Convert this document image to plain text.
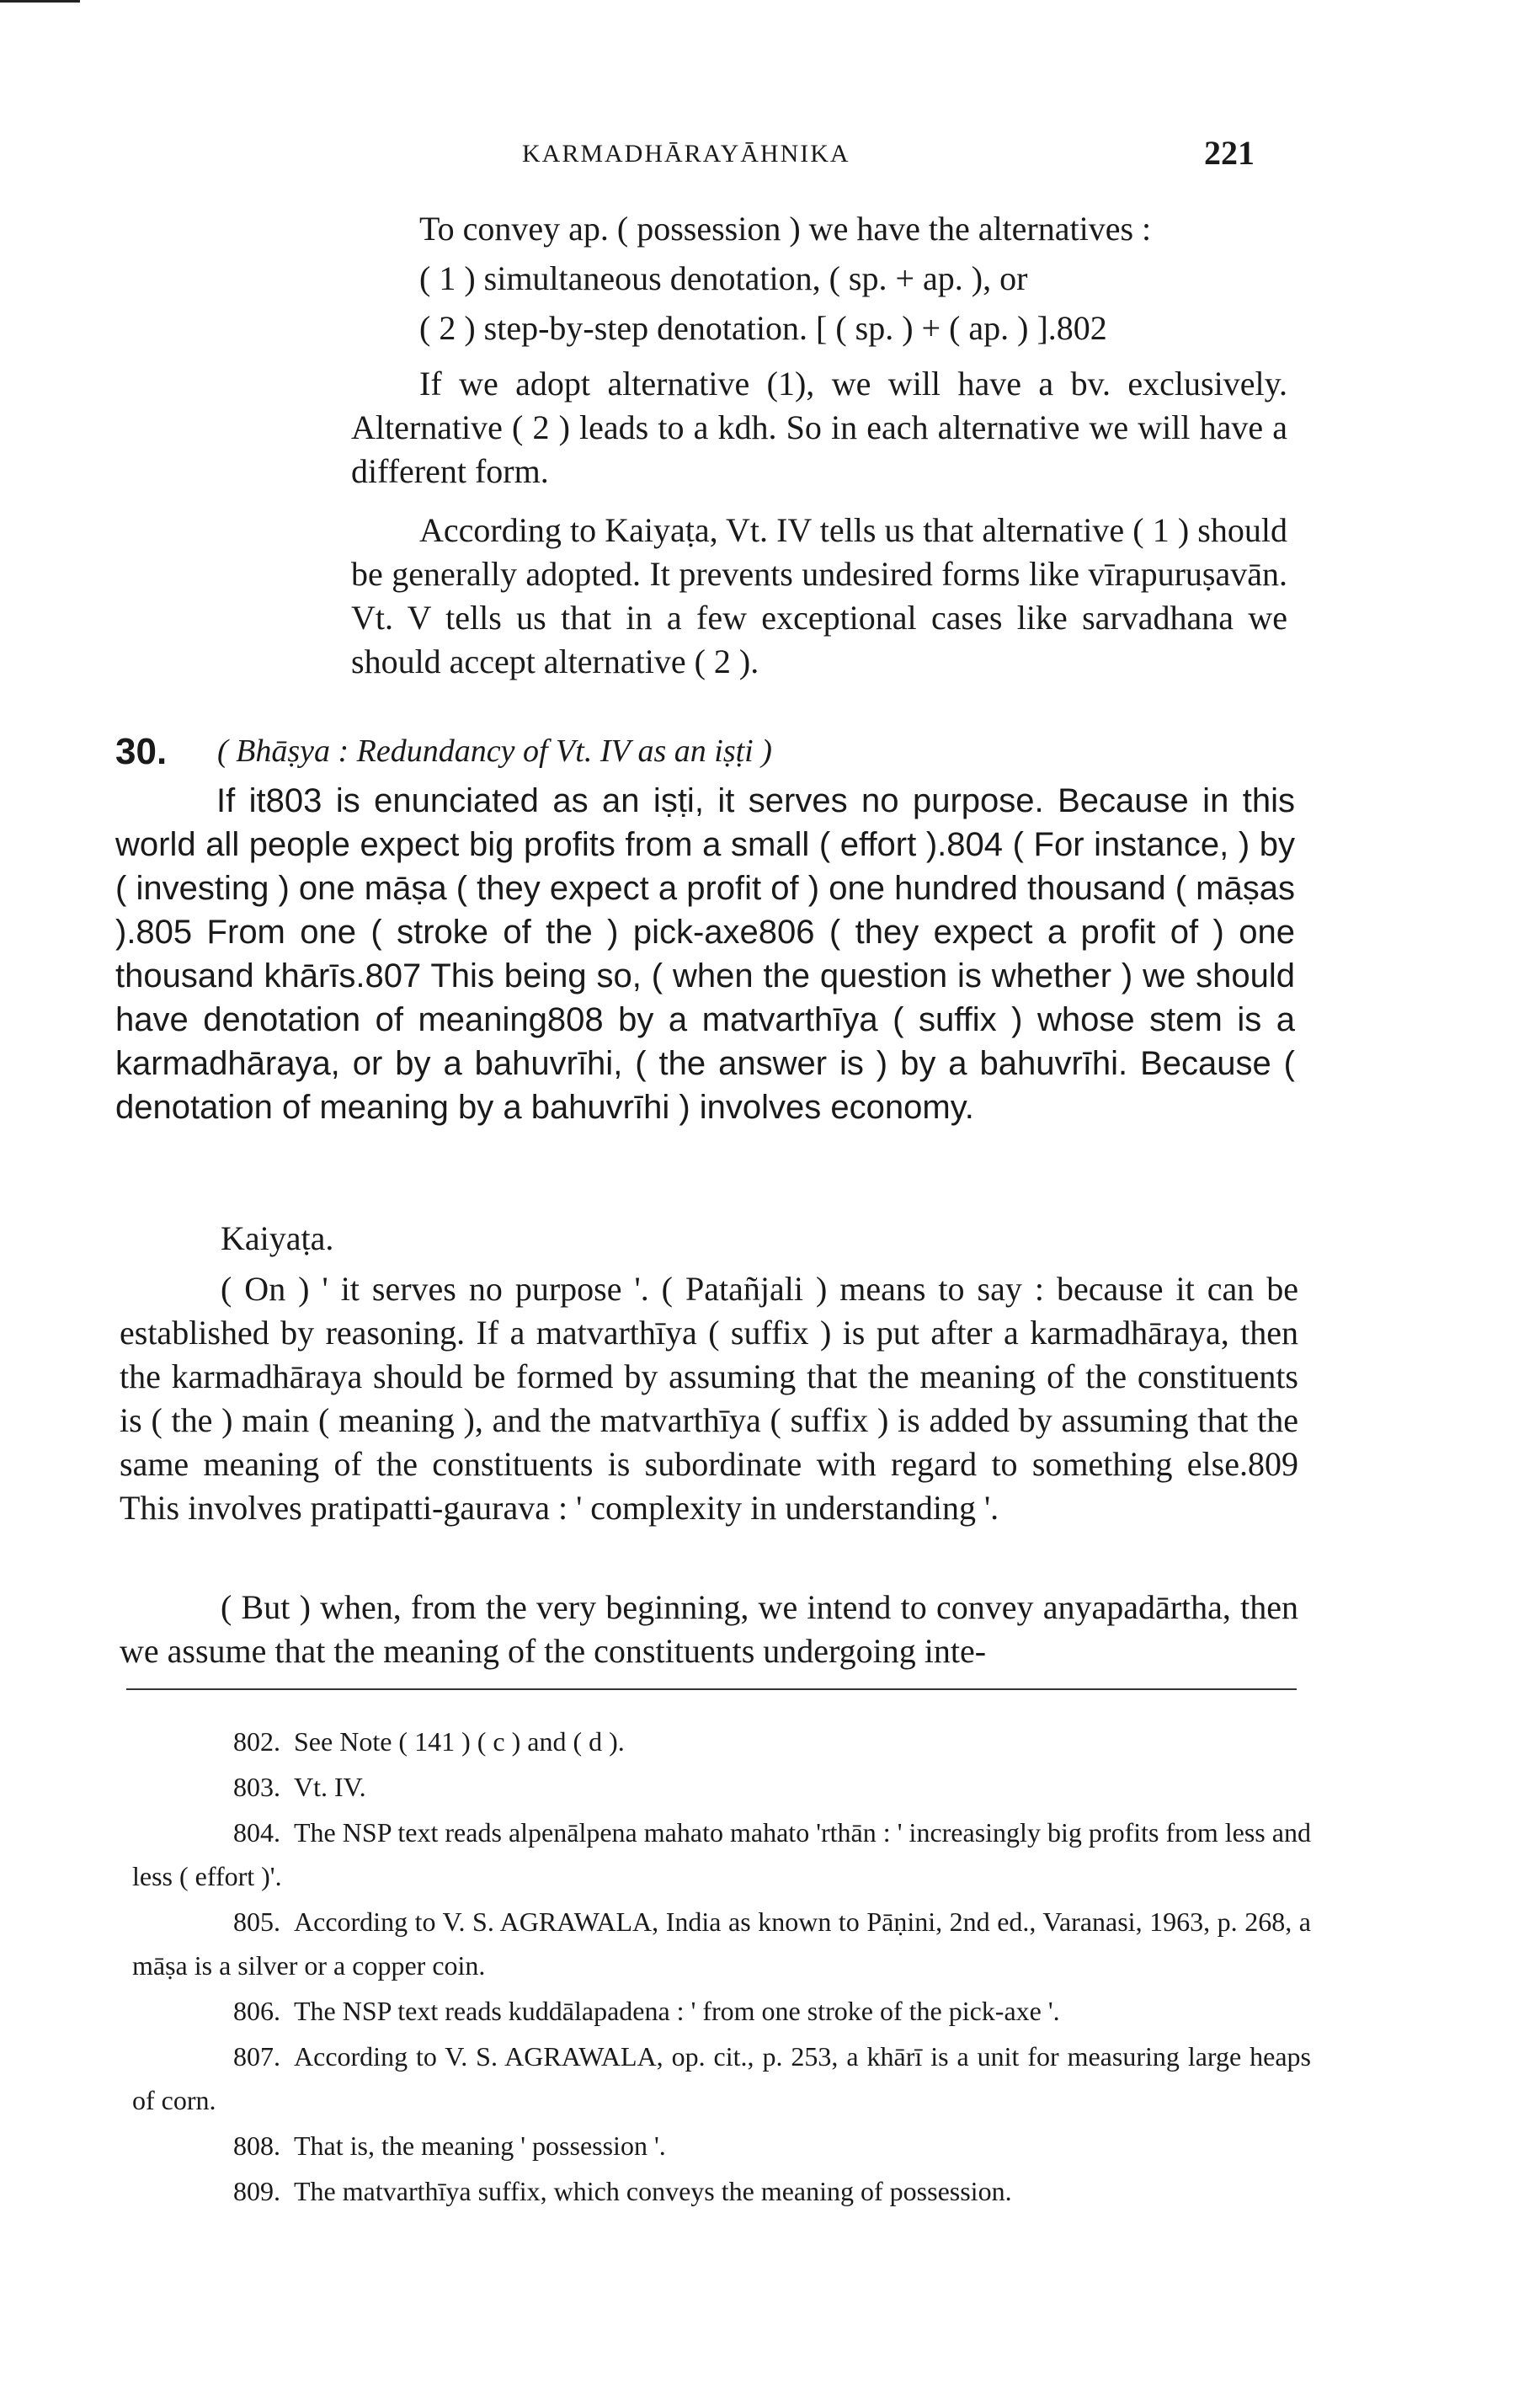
KARMADHĀRAYĀHNIKA	221

To convey ap. ( possession ) we have the alternatives :

( 1 ) simultaneous denotation, ( sp. + ap. ), or

( 2 ) step-by-step denotation. [ ( sp. ) + ( ap. ) ].802

If we adopt alternative (1), we will have a bv. exclusively. Alternative ( 2 ) leads to a kdh. So in each alternative we will have a different form.

According to Kaiyaṭa, Vt. IV tells us that alternative ( 1 ) should be generally adopted. It prevents undesired forms like vīrapuruṣavān. Vt. V tells us that in a few exceptional cases like sarvadhana we should accept alternative ( 2 ).

30. ( Bhāṣya : Redundancy of Vt. IV as an iṣṭi )

If it803 is enunciated as an iṣṭi, it serves no purpose. Because in this world all people expect big profits from a small ( effort ).804 ( For instance, ) by ( investing ) one māṣa ( they expect a profit of ) one hundred thousand ( māṣas ).805 From one ( stroke of the ) pick-axe806 ( they expect a profit of ) one thousand khārīs.807 This being so, ( when the question is whether ) we should have denotation of meaning808 by a matvarthīya ( suffix ) whose stem is a karmadhāraya, or by a bahuvrīhi, ( the answer is ) by a bahuvrīhi. Because ( denotation of meaning by a bahuvrīhi ) involves economy.

Kaiyaṭa.

( On ) ' it serves no purpose '. ( Patañjali ) means to say : because it can be established by reasoning. If a matvarthīya ( suffix ) is put after a karmadhāraya, then the karmadhāraya should be formed by assuming that the meaning of the constituents is ( the ) main ( meaning ), and the matvarthīya ( suffix ) is added by assuming that the same meaning of the constituents is subordinate with regard to something else.809 This involves pratipatti-gaurava : ' complexity in understanding '.

( But ) when, from the very beginning, we intend to convey anyapadārtha, then we assume that the meaning of the constituents undergoing inte-

802. See Note ( 141 ) ( c ) and ( d ).

803. Vt. IV.

804. The NSP text reads alpenālpena mahato mahato 'rthān : ' increasingly big profits from less and less ( effort )'.

805. According to V. S. AGRAWALA, India as known to Pāṇini, 2nd ed., Varanasi, 1963, p. 268, a māṣa is a silver or a copper coin.

806. The NSP text reads kuddālapadena : ' from one stroke of the pick-axe '.

807. According to V. S. AGRAWALA, op. cit., p. 253, a khārī is a unit for measuring large heaps of corn.

808. That is, the meaning ' possession '.

809. The matvarthīya suffix, which conveys the meaning of possession.
